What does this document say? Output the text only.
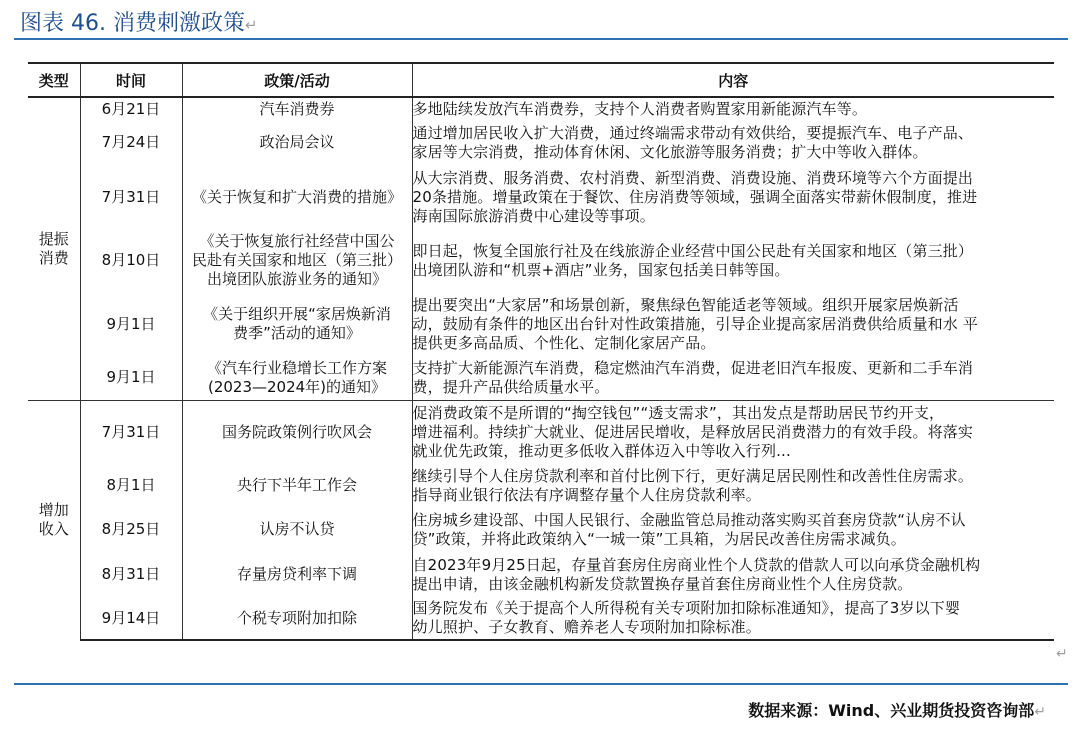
图表 46. 消费刺激政策↵
类型	时间	政策/活动	内容
提振
消费	6月21日	汽车消费券	多地陆续发放汽车消费券，支持个人消费者购置家用新能源汽车等。
	7月24日	政治局会议	通过增加居民收入扩大消费，通过终端需求带动有效供给，要提振汽车、电子产品、
家居等大宗消费，推动体育休闲、文化旅游等服务消费；扩大中等收入群体。
	7月31日	《关于恢复和扩大消费的措施》	从大宗消费、服务消费、农村消费、新型消费、消费设施、消费环境等六个方面提出
20条措施。增量政策在于餐饮、住房消费等领域，强调全面落实带薪休假制度，推进
海南国际旅游消费中心建设等事项。
	8月10日	《关于恢复旅行社经营中国公
民赴有关国家和地区（第三批）
出境团队旅游业务的通知》	即日起，恢复全国旅行社及在线旅游企业经营中国公民赴有关国家和地区（第三批）
出境团队游和“机票+酒店”业务，国家包括美日韩等国。
	9月1日	《关于组织开展“家居焕新消
费季”活动的通知》	提出要突出“大家居”和场景创新，聚焦绿色智能适老等领域。组织开展家居焕新活
动，鼓励有条件的地区出台针对性政策措施，引导企业提高家居消费供给质量和水 平
提供更多高品质、个性化、定制化家居产品。
	9月1日	《汽车行业稳增长工作方案
(2023—2024年)的通知》	支持扩大新能源汽车消费，稳定燃油汽车消费，促进老旧汽车报废、更新和二手车消
费，提升产品供给质量水平。
增加
收入	7月31日	国务院政策例行吹风会	促消费政策不是所谓的“掏空钱包”“透支需求”，其出发点是帮助居民节约开支，
增进福利。持续扩大就业、促进居民增收，是释放居民消费潜力的有效手段。将落实
就业优先政策，推动更多低收入群体迈入中等收入行列...
	8月1日	央行下半年工作会	继续引导个人住房贷款利率和首付比例下行，更好满足居民刚性和改善性住房需求。
指导商业银行依法有序调整存量个人住房贷款利率。
	8月25日	认房不认贷	住房城乡建设部、中国人民银行、金融监管总局推动落实购买首套房贷款“认房不认
贷”政策，并将此政策纳入“一城一策”工具箱，为居民改善住房需求减负。
	8月31日	存量房贷利率下调	自2023年9月25日起，存量首套房住房商业性个人贷款的借款人可以向承贷金融机构
提出申请，由该金融机构新发贷款置换存量首套住房商业性个人住房贷款。
	9月14日	个税专项附加扣除	国务院发布《关于提高个人所得税有关专项附加扣除标准通知》，提高了3岁以下婴
幼儿照护、子女教育、赡养老人专项附加扣除标准。
↵
数据来源：Wind、兴业期货投资咨询部↵
